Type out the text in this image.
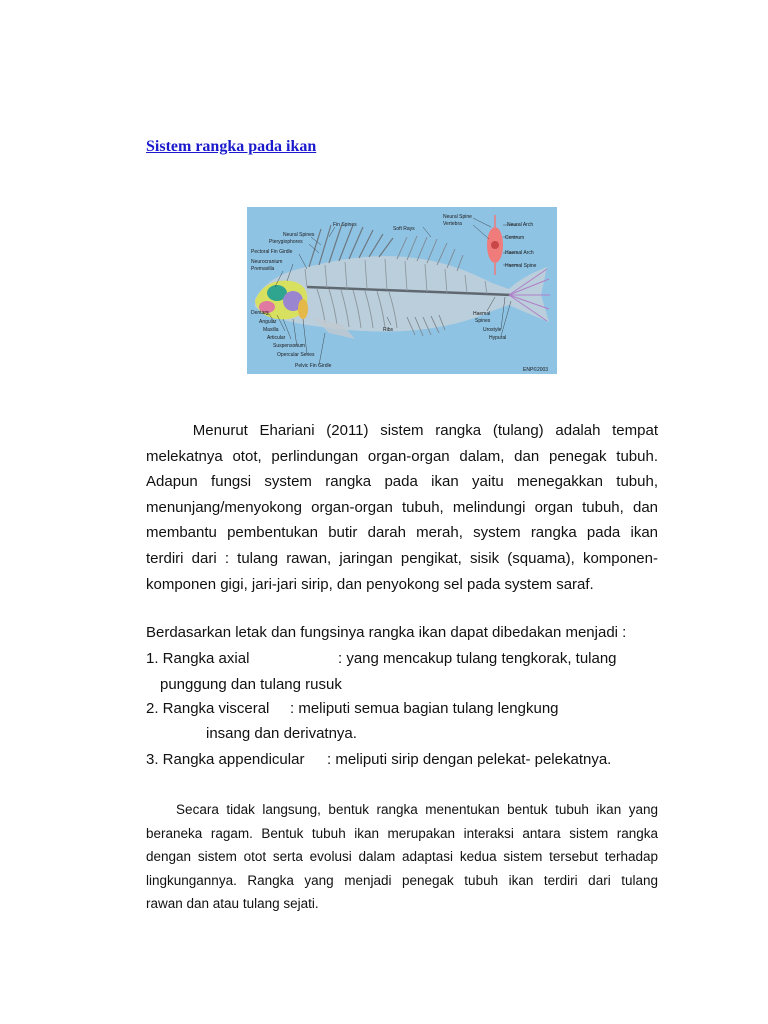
Sistem rangka pada ikan
Fin Spines
Neural Spines
Pterygiophores
Pectoral Fin Girdle
Neurocranium
Premaxilla
Soft Rays
Neural Spine
Vertebra	Neural Arch
Centrum
Haemal Arch
Haemal Spine
Dentary
Angular
Maxilla
Articular
Suspensorium
Opercular Series
Pelvic Fin Girdle
Ribs
Haemal
Spines
Urostyle
Hypural
ENP©2003

Menurut Ehariani (2011) sistem rangka (tulang) adalah tempat
melekatnya otot, perlindungan organ-organ dalam, dan penegak tubuh.
Adapun fungsi system rangka pada ikan yaitu menegakkan tubuh,
menunjang/menyokong organ-organ tubuh, melindungi organ tubuh, dan
membantu pembentukan butir darah merah, system rangka pada ikan
terdiri dari : tulang rawan, jaringan pengikat, sisik (squama), komponen-
komponen gigi, jari-jari sirip, dan penyokong sel pada system saraf.

Berdasarkan letak dan fungsinya rangka ikan dapat dibedakan menjadi :

1. Rangka axial	: yang mencakup tulang tengkorak, tulang
punggung dan tulang rusuk
2. Rangka visceral : meliputi semua bagian tulang lengkung
insang dan derivatnya.
3. Rangka appendicular : meliputi sirip dengan pelekat- pelekatnya.

Secara tidak langsung, bentuk rangka menentukan bentuk tubuh ikan yang
beraneka ragam. Bentuk tubuh ikan merupakan interaksi antara sistem rangka
dengan sistem otot serta evolusi dalam adaptasi kedua sistem tersebut terhadap
lingkungannya. Rangka yang menjadi penegak tubuh ikan terdiri dari tulang
rawan dan atau tulang sejati.
